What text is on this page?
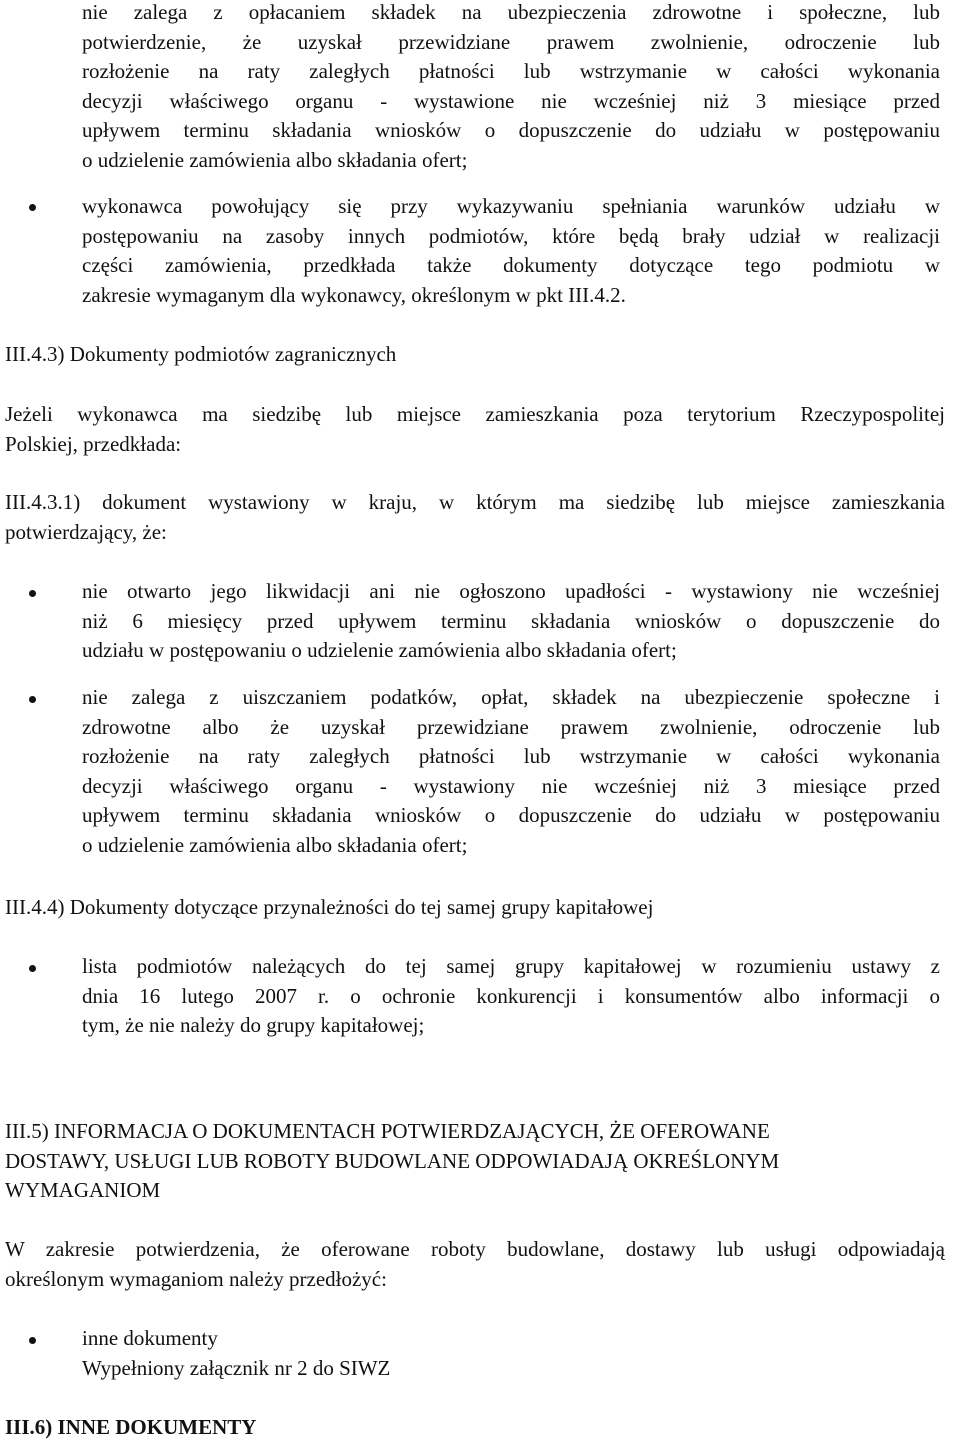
nie zalega z opłacaniem składek na ubezpieczenia zdrowotne i społeczne, lub
potwierdzenie, że uzyskał przewidziane prawem zwolnienie, odroczenie lub
rozłożenie na raty zaległych płatności lub wstrzymanie w całości wykonania
decyzji właściwego organu - wystawione nie wcześniej niż 3 miesiące przed
upływem terminu składania wniosków o dopuszczenie do udziału w postępowaniu
o udzielenie zamówienia albo składania ofert;
wykonawca powołujący się przy wykazywaniu spełniania warunków udziału w
postępowaniu na zasoby innych podmiotów, które będą brały udział w realizacji
części zamówienia, przedkłada także dokumenty dotyczące tego podmiotu w
zakresie wymaganym dla wykonawcy, określonym w pkt III.4.2.
III.4.3) Dokumenty podmiotów zagranicznych
Jeżeli wykonawca ma siedzibę lub miejsce zamieszkania poza terytorium Rzeczypospolitej
Polskiej, przedkłada:
III.4.3.1) dokument wystawiony w kraju, w którym ma siedzibę lub miejsce zamieszkania
potwierdzający, że:
nie otwarto jego likwidacji ani nie ogłoszono upadłości - wystawiony nie wcześniej
niż 6 miesięcy przed upływem terminu składania wniosków o dopuszczenie do
udziału w postępowaniu o udzielenie zamówienia albo składania ofert;
nie zalega z uiszczaniem podatków, opłat, składek na ubezpieczenie społeczne i
zdrowotne albo że uzyskał przewidziane prawem zwolnienie, odroczenie lub
rozłożenie na raty zaległych płatności lub wstrzymanie w całości wykonania
decyzji właściwego organu - wystawiony nie wcześniej niż 3 miesiące przed
upływem terminu składania wniosków o dopuszczenie do udziału w postępowaniu
o udzielenie zamówienia albo składania ofert;
III.4.4) Dokumenty dotyczące przynależności do tej samej grupy kapitałowej
lista podmiotów należących do tej samej grupy kapitałowej w rozumieniu ustawy z
dnia 16 lutego 2007 r. o ochronie konkurencji i konsumentów albo informacji o
tym, że nie należy do grupy kapitałowej;
III.5) INFORMACJA O DOKUMENTACH POTWIERDZAJĄCYCH, ŻE OFEROWANE
DOSTAWY, USŁUGI LUB ROBOTY BUDOWLANE ODPOWIADAJĄ OKREŚLONYM
WYMAGANIOM
W zakresie potwierdzenia, że oferowane roboty budowlane, dostawy lub usługi odpowiadają
określonym wymaganiom należy przedłożyć:
inne dokumenty
Wypełniony załącznik nr 2 do SIWZ
III.6) INNE DOKUMENTY
